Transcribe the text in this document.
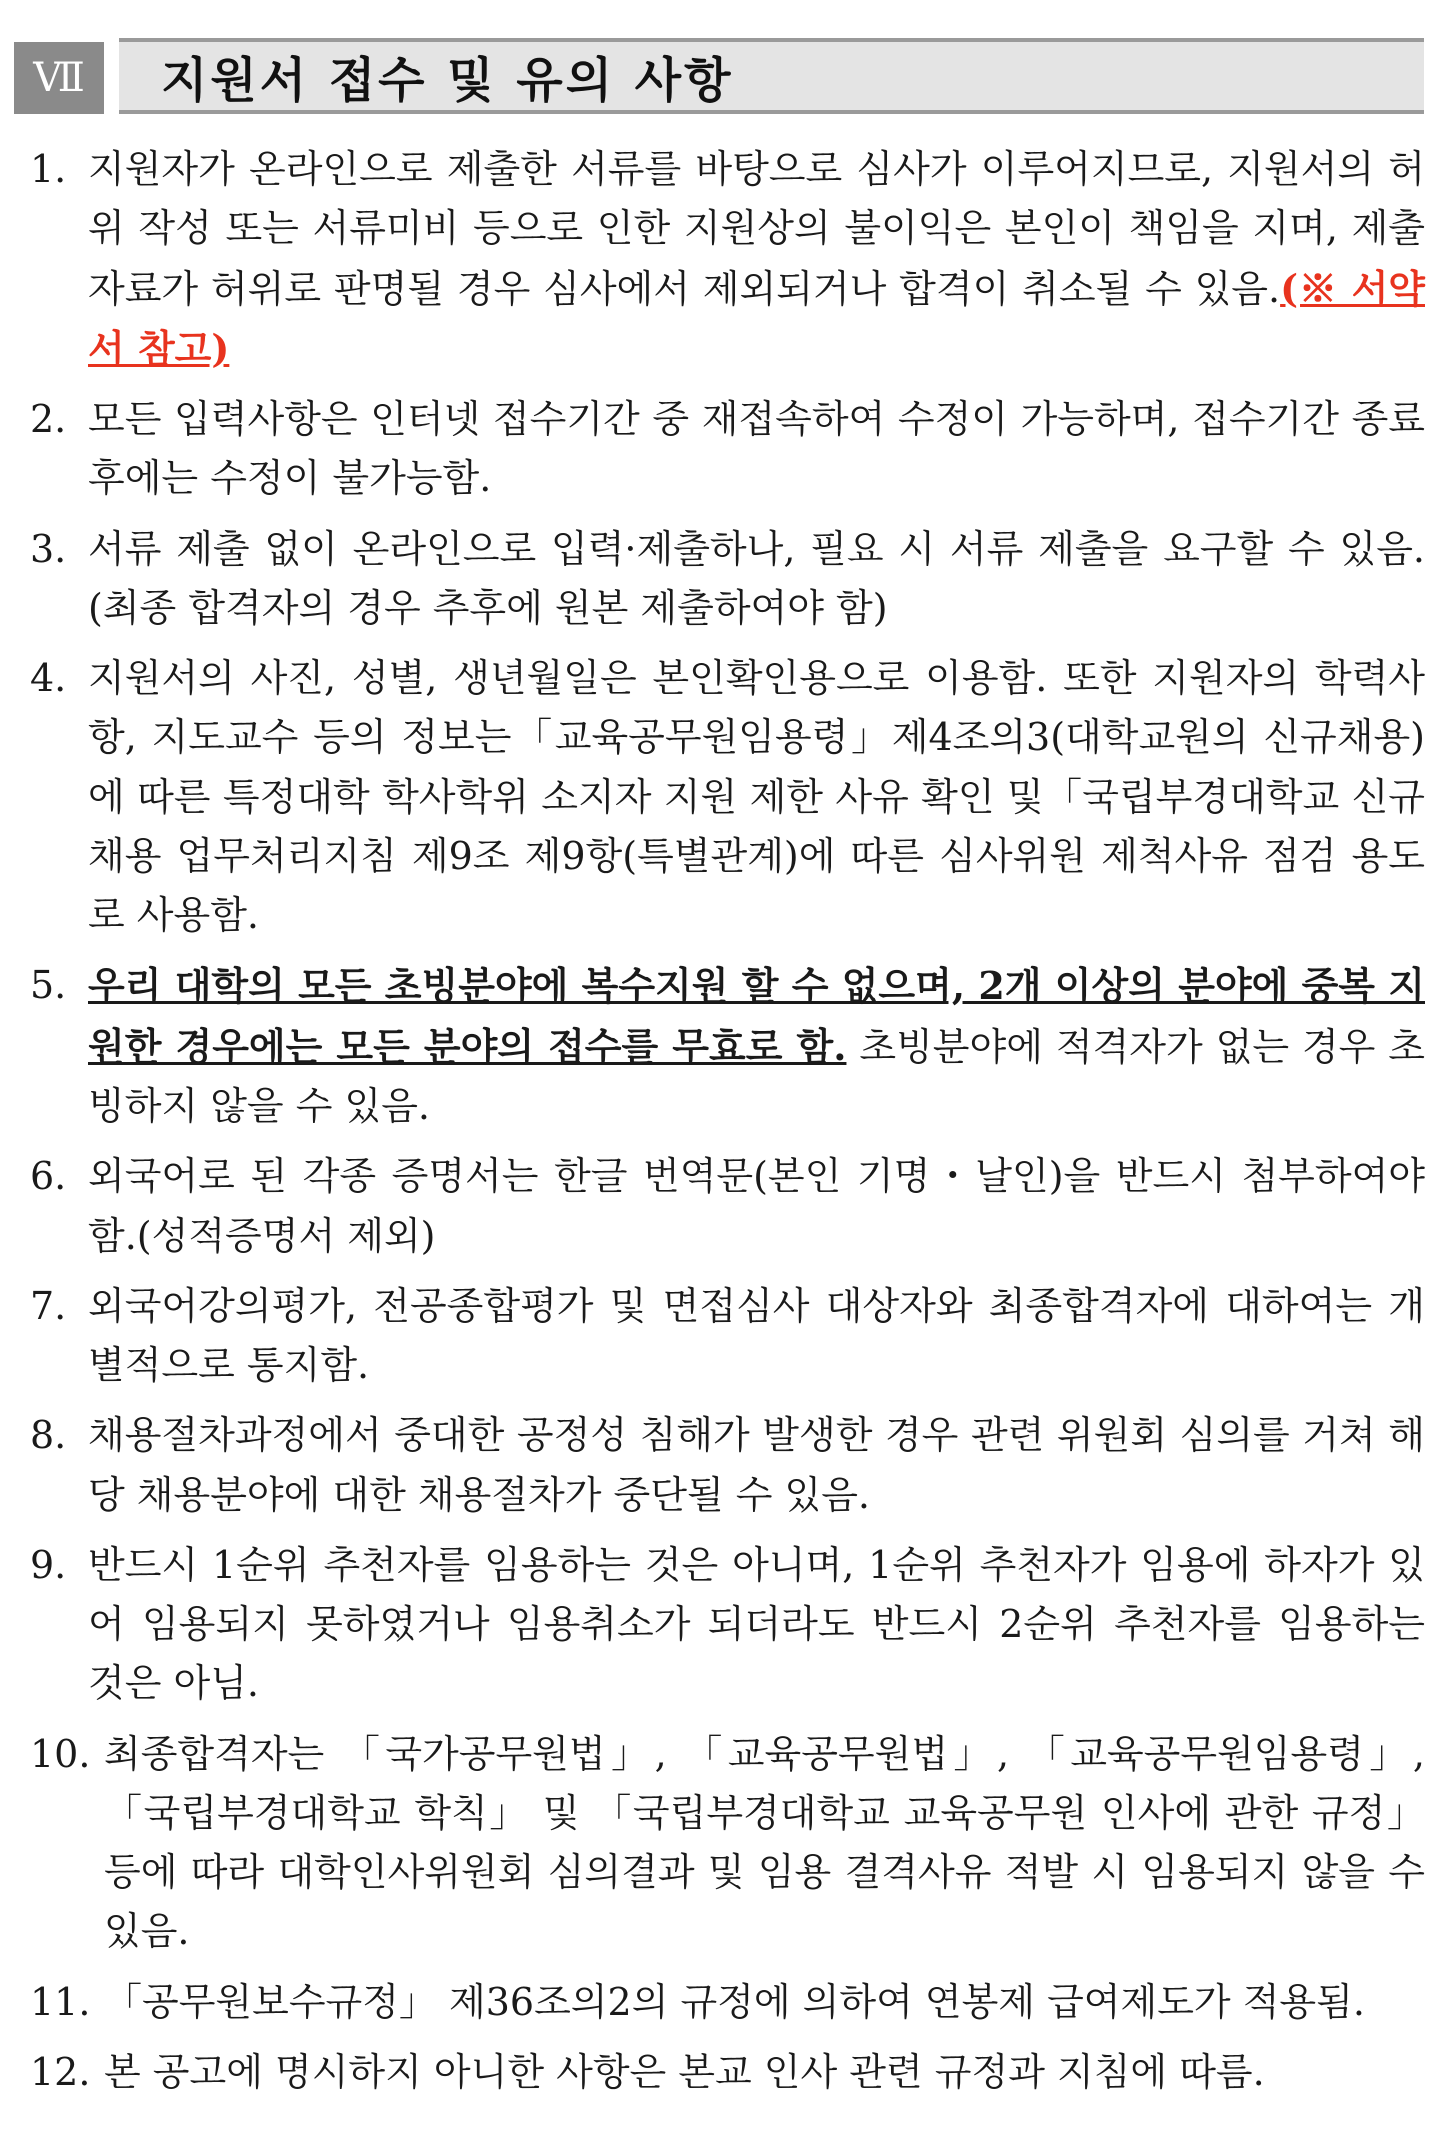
Ⅶ	지원서 접수 및 유의 사항
1. 지원자가 온라인으로 제출한 서류를 바탕으로 심사가 이루어지므로, 지원서의 허위 작성 또는 서류미비 등으로 인한 지원상의 불이익은 본인이 책임을 지며, 제출자료가 허위로 판명될 경우 심사에서 제외되거나 합격이 취소될 수 있음.(※ 서약서 참고)

2. 모든 입력사항은 인터넷 접수기간 중 재접속하여 수정이 가능하며, 접수기간 종료 후에는 수정이 불가능함.

3. 서류 제출 없이 온라인으로 입력·제출하나, 필요 시 서류 제출을 요구할 수 있음.(최종 합격자의 경우 추후에 원본 제출하여야 함)

4. 지원서의 사진, 성별, 생년월일은 본인확인용으로 이용함. 또한 지원자의 학력사항, 지도교수 등의 정보는「교육공무원임용령」제4조의3(대학교원의 신규채용)에 따른 특정대학 학사학위 소지자 지원 제한 사유 확인 및「국립부경대학교 신규채용 업무처리지침 제9조 제9항(특별관계)에 따른 심사위원 제척사유 점검 용도로 사용함.

5. 우리 대학의 모든 초빙분야에 복수지원 할 수 없으며, 2개 이상의 분야에 중복 지원한 경우에는 모든 분야의 접수를 무효로 함. 초빙분야에 적격자가 없는 경우 초빙하지 않을 수 있음.

6. 외국어로 된 각종 증명서는 한글 번역문(본인 기명・날인)을 반드시 첨부하여야 함.(성적증명서 제외)

7. 외국어강의평가, 전공종합평가 및 면접심사 대상자와 최종합격자에 대하여는 개별적으로 통지함.

8. 채용절차과정에서 중대한 공정성 침해가 발생한 경우 관련 위원회 심의를 거쳐 해당 채용분야에 대한 채용절차가 중단될 수 있음.

9. 반드시 1순위 추천자를 임용하는 것은 아니며, 1순위 추천자가 임용에 하자가 있어 임용되지 못하였거나 임용취소가 되더라도 반드시 2순위 추천자를 임용하는 것은 아님.

10. 최종합격자는 「국가공무원법」, 「교육공무원법」, 「교육공무원임용령」, 「국립부경대학교 학칙」 및 「국립부경대학교 교육공무원 인사에 관한 규정」 등에 따라 대학인사위원회 심의결과 및 임용 결격사유 적발 시 임용되지 않을 수 있음.

11. 「공무원보수규정」 제36조의2의 규정에 의하여 연봉제 급여제도가 적용됨.

12. 본 공고에 명시하지 아니한 사항은 본교 인사 관련 규정과 지침에 따름.
